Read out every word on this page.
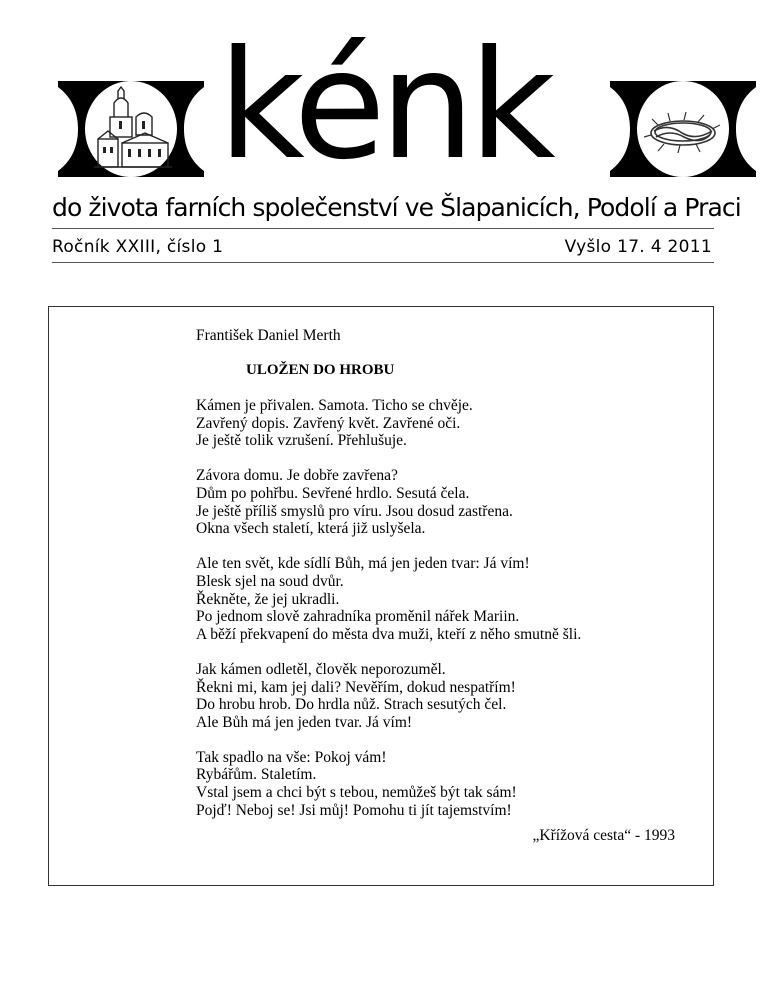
kénk
do života farních společenství ve Šlapanicích, Podolí a Praci
Ročník XXIII, číslo 1	Vyšlo 17. 4 2011
František Daniel Merth
ULOŽEN DO HROBU
Kámen je přivalen. Samota. Ticho se chvěje.
Zavřený dopis. Zavřený květ. Zavřené oči.
Je ještě tolik vzrušení. Přehlušuje.
Závora domu. Je dobře zavřena?
Dům po pohřbu. Sevřené hrdlo. Sesutá čela.
Je ještě příliš smyslů pro víru. Jsou dosud zastřena.
Okna všech staletí, která již uslyšela.
Ale ten svět, kde sídlí Bůh, má jen jeden tvar: Já vím!
Blesk sjel na soud dvůr.
Řekněte, že jej ukradli.
Po jednom slově zahradníka proměnil nářek Mariin.
A běží překvapení do města dva muži, kteří z něho smutně šli.
Jak kámen odletěl, člověk neporozuměl.
Řekni mi, kam jej dali? Nevěřím, dokud nespatřím!
Do hrobu hrob. Do hrdla nůž. Strach sesutých čel.
Ale Bůh má jen jeden tvar. Já vím!
Tak spadlo na vše: Pokoj vám!
Rybářům. Staletím.
Vstal jsem a chci být s tebou, nemůžeš být tak sám!
Pojď! Neboj se! Jsi můj! Pomohu ti jít tajemstvím!
„Křížová cesta“ - 1993
